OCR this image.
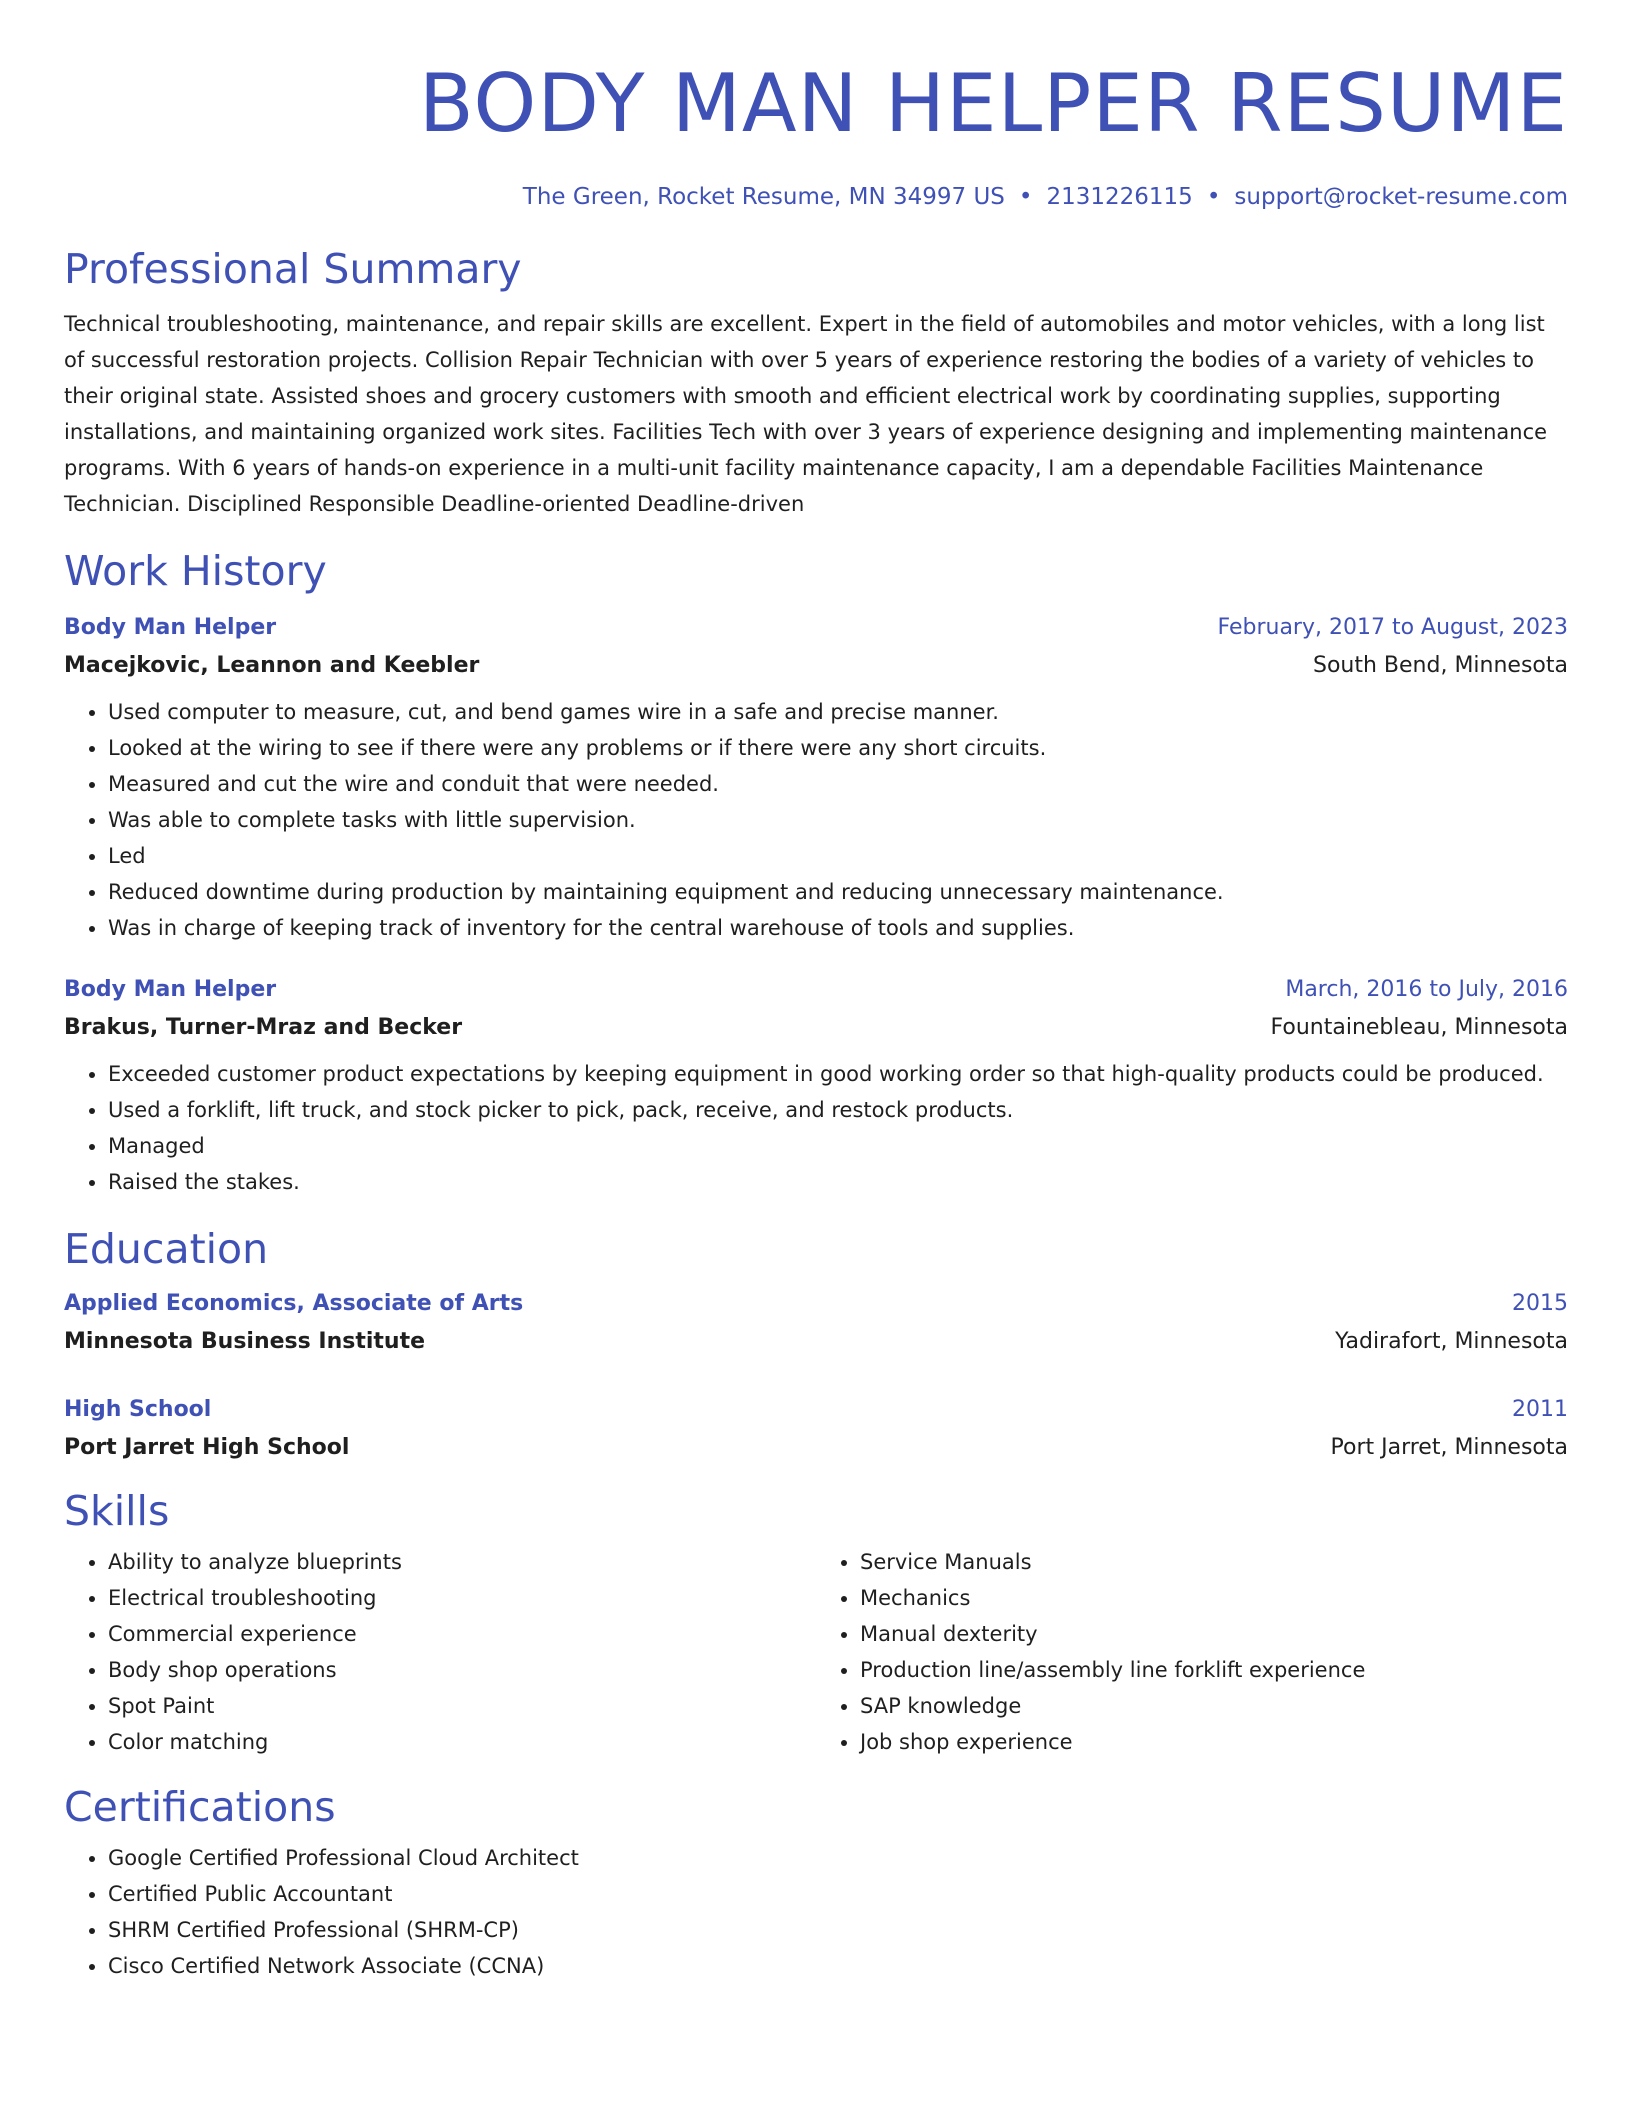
BODY MAN HELPER RESUME
The Green, Rocket Resume, MN 34997 US • 2131226115 • support@rocket-resume.com
Professional Summary

Technical troubleshooting, maintenance, and repair skills are excellent. Expert in the field of automobiles and motor vehicles, with a long list of successful restoration projects. Collision Repair Technician with over 5 years of experience restoring the bodies of a variety of vehicles to their original state. Assisted shoes and grocery customers with smooth and efficient electrical work by coordinating supplies, supporting installations, and maintaining organized work sites. Facilities Tech with over 3 years of experience designing and implementing maintenance programs. With 6 years of hands-on experience in a multi-unit facility maintenance capacity, I am a dependable Facilities Maintenance Technician. Disciplined Responsible Deadline-oriented Deadline-driven

Work History
Body Man Helper	February, 2017 to August, 2023
Macejkovic, Leannon and Keebler	South Bend, Minnesota
• Used computer to measure, cut, and bend games wire in a safe and precise manner.
• Looked at the wiring to see if there were any problems or if there were any short circuits.
• Measured and cut the wire and conduit that were needed.
• Was able to complete tasks with little supervision.
• Led
• Reduced downtime during production by maintaining equipment and reducing unnecessary maintenance.
• Was in charge of keeping track of inventory for the central warehouse of tools and supplies.
Body Man Helper	March, 2016 to July, 2016
Brakus, Turner-Mraz and Becker	Fountainebleau, Minnesota
• Exceeded customer product expectations by keeping equipment in good working order so that high-quality products could be produced.
• Used a forklift, lift truck, and stock picker to pick, pack, receive, and restock products.
• Managed
• Raised the stakes.
Education
Applied Economics, Associate of Arts	2015
Minnesota Business Institute	Yadirafort, Minnesota
High School	2011
Port Jarret High School	Port Jarret, Minnesota
Skills
• Ability to analyze blueprints
• Electrical troubleshooting
• Commercial experience
• Body shop operations
• Spot Paint
• Color matching
• Service Manuals
• Mechanics
• Manual dexterity
• Production line/assembly line forklift experience
• SAP knowledge
• Job shop experience
Certifications
• Google Certified Professional Cloud Architect
• Certified Public Accountant
• SHRM Certified Professional (SHRM-CP)
• Cisco Certified Network Associate (CCNA)
